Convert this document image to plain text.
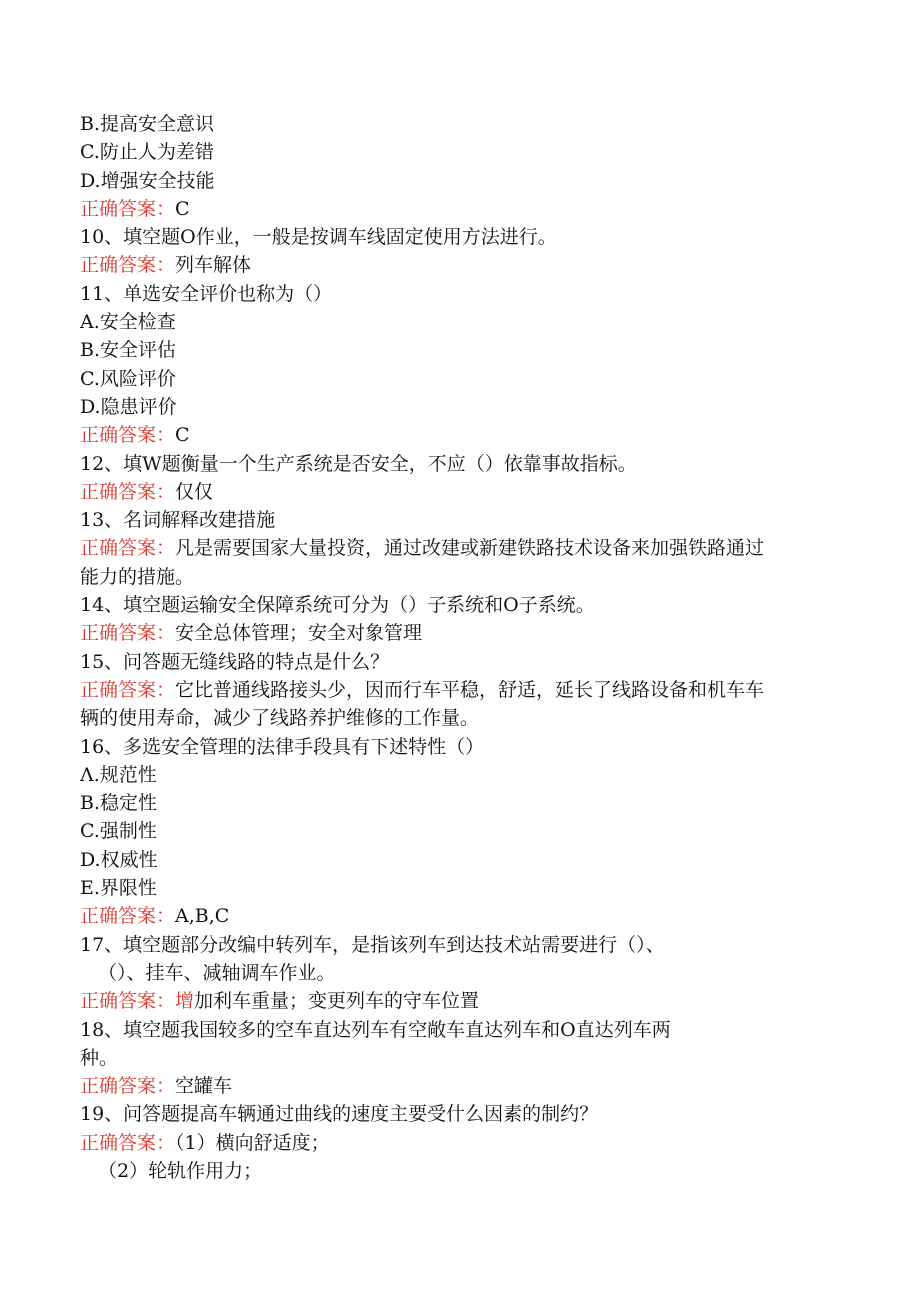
B.提高安全意识
C.防止人为差错
D.增强安全技能
正确答案：C
10、填空题O作业，一般是按调车线固定使用方法进行。
正确答案：列车解体
11、单选安全评价也称为（）
A.安全检查
B.安全评估
C.风险评价
D.隐患评价
正确答案：C
12、填W题衡量一个生产系统是否安全，不应（）依靠事故指标。
正确答案：仅仅
13、名词解释改建措施
正确答案：凡是需要国家大量投资，通过改建或新建铁路技术设备来加强铁路通过
能力的措施。
14、填空题运输安全保障系统可分为（）子系统和O子系统。
正确答案：安全总体管理；安全对象管理
15、问答题无缝线路的特点是什么？
正确答案：它比普通线路接头少，因而行车平稳，舒适，延长了线路设备和机车车
辆的使用寿命，减少了线路养护维修的工作量。
16、多选安全管理的法律手段具有下述特性（）
Λ.规范性
B.稳定性
C.强制性
D.权威性
E.界限性
正确答案：A,B,C
17、填空题部分改编中转列车，是指该列车到达技术站需要进行（）、
（）、挂车、减轴调车作业。
正确答案：增加利车重量；变更列车的守车位置
18、填空题我国较多的空车直达列车有空敞车直达列车和O直达列车两
种。
正确答案：空罐车
19、问答题提高车辆通过曲线的速度主要受什么因素的制约？
正确答案：（1）横向舒适度；
（2）轮轨作用力；
